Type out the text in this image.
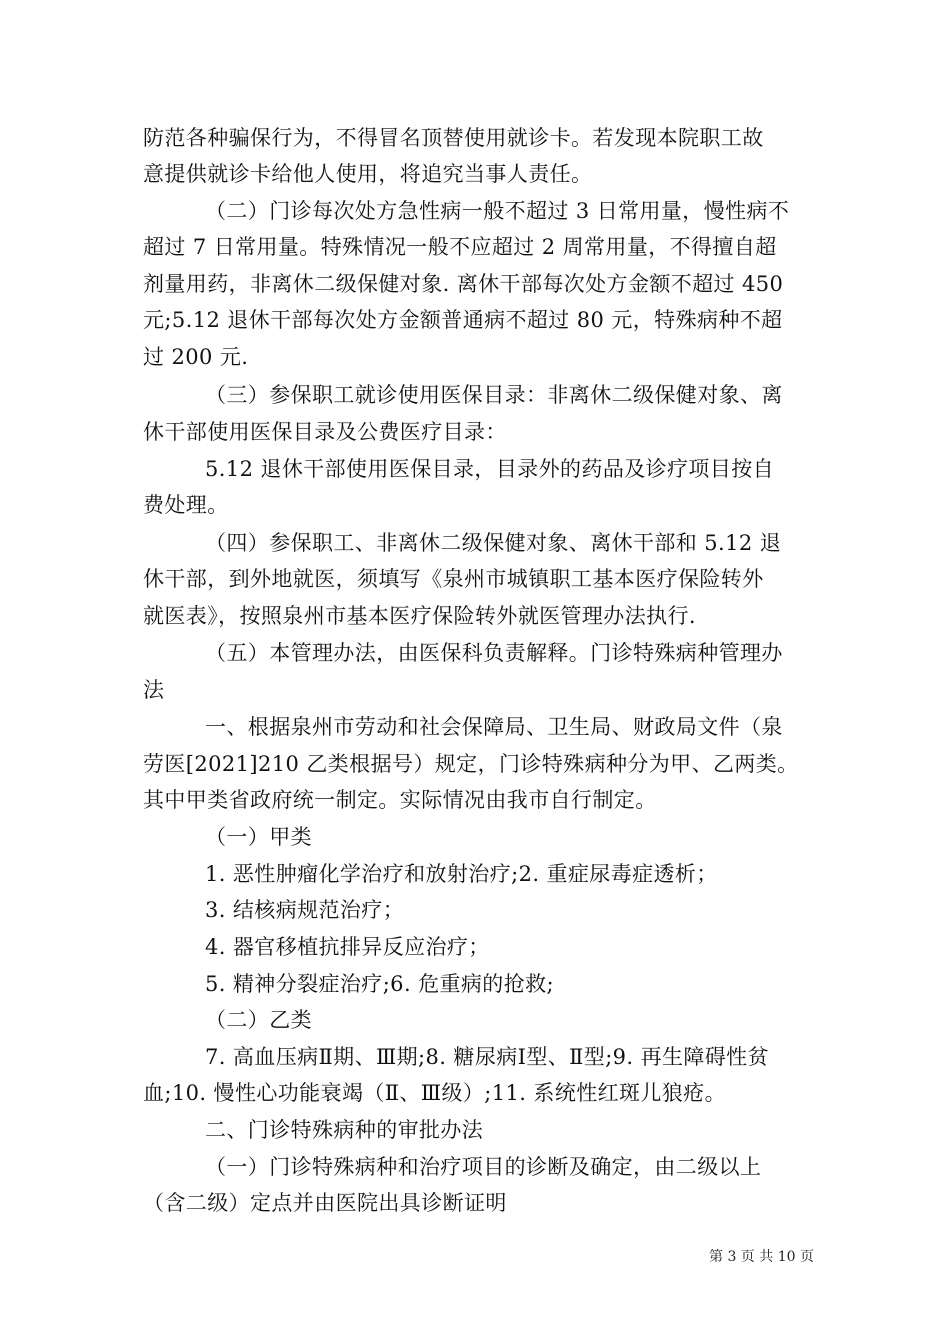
防范各种骗保行为，不得冒名顶替使用就诊卡。若发现本院职工故
意提供就诊卡给他人使用，将追究当事人责任。
（二）门诊每次处方急性病一般不超过 3 日常用量，慢性病不
超过 7 日常用量。特殊情况一般不应超过 2 周常用量，不得擅自超
剂量用药，非离休二级保健对象. 离休干部每次处方金额不超过 450
元;5.12 退休干部每次处方金额普通病不超过 80 元，特殊病种不超
过 200 元.
（三）参保职工就诊使用医保目录：非离休二级保健对象、离
休干部使用医保目录及公费医疗目录：
5.12 退休干部使用医保目录，目录外的药品及诊疗项目按自
费处理。
（四）参保职工、非离休二级保健对象、离休干部和 5.12 退
休干部，到外地就医，须填写《泉州市城镇职工基本医疗保险转外
就医表》，按照泉州市基本医疗保险转外就医管理办法执行.
（五）本管理办法，由医保科负责解释。门诊特殊病种管理办
法
一、根据泉州市劳动和社会保障局、卫生局、财政局文件（泉
劳医[2021]210 乙类根据号）规定，门诊特殊病种分为甲、乙两类。
其中甲类省政府统一制定。实际情况由我市自行制定。
（一）甲类
1. 恶性肿瘤化学治疗和放射治疗;2. 重症尿毒症透析；
3. 结核病规范治疗；
4. 器官移植抗排异反应治疗；
5. 精神分裂症治疗;6. 危重病的抢救;
（二）乙类
7. 高血压病Ⅱ期、Ⅲ期;8. 糖尿病Ⅰ型、Ⅱ型;9. 再生障碍性贫
血;10. 慢性心功能衰竭（Ⅱ、Ⅲ级）;11. 系统性红斑儿狼疮。
二、门诊特殊病种的审批办法
（一）门诊特殊病种和治疗项目的诊断及确定，由二级以上
（含二级）定点并由医院出具诊断证明
第 3 页 共 10 页
